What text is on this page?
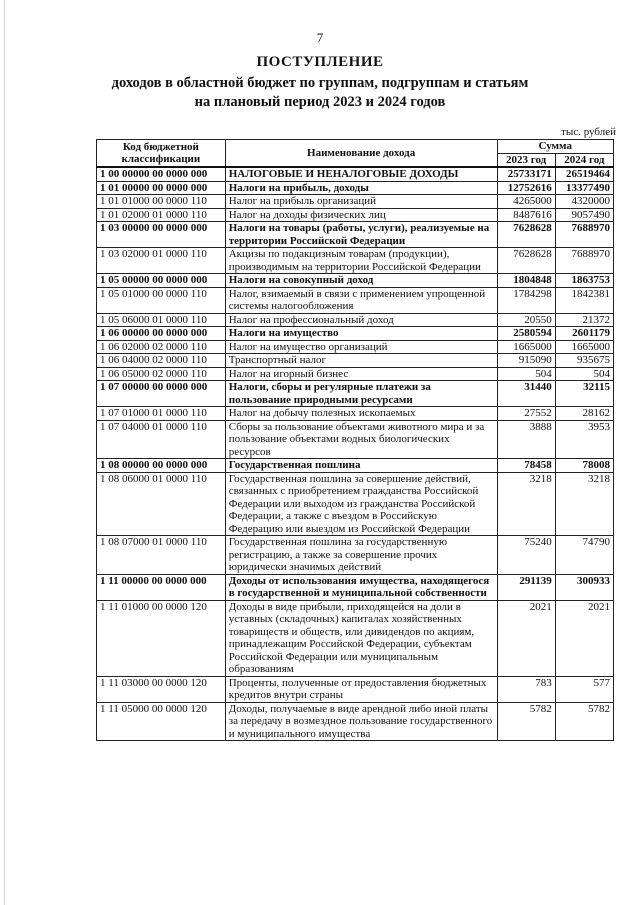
7
ПОСТУПЛЕНИЕ
доходов в областной бюджет по группам, подгруппам и статьям
на плановый период 2023 и 2024 годов
тыс. рублей
Код бюджетной классификации	Наименование дохода	Сумма	
		2023 год	2024 год
1 00 00000 00 0000 000	НАЛОГОВЫЕ И НЕНАЛОГОВЫЕ ДОХОДЫ	25733171	26519464
1 01 00000 00 0000 000	Налоги на прибыль, доходы	12752616	13377490
1 01 01000 00 0000 110	Налог на прибыль организаций	4265000	4320000
1 01 02000 01 0000 110	Налог на доходы физических лиц	8487616	9057490
1 03 00000 00 0000 000	Налоги на товары (работы, услуги), реализуемые на территории Российской Федерации	7628628	7688970
1 03 02000 01 0000 110	Акцизы по подакцизным товарам (продукции), производимым на территории Российской Федерации	7628628	7688970
1 05 00000 00 0000 000	Налоги на совокупный доход	1804848	1863753
1 05 01000 00 0000 110	Налог, взимаемый в связи с применением упрощенной системы налогообложения	1784298	1842381
1 05 06000 01 0000 110	Налог на профессиональный доход	20550	21372
1 06 00000 00 0000 000	Налоги на имущество	2580594	2601179
1 06 02000 02 0000 110	Налог на имущество организаций	1665000	1665000
1 06 04000 02 0000 110	Транспортный налог	915090	935675
1 06 05000 02 0000 110	Налог на игорный бизнес	504	504
1 07 00000 00 0000 000	Налоги, сборы и регулярные платежи за пользование природными ресурсами	31440	32115
1 07 01000 01 0000 110	Налог на добычу полезных ископаемых	27552	28162
1 07 04000 01 0000 110	Сборы за пользование объектами животного мира и за пользование объектами водных биологических ресурсов	3888	3953
1 08 00000 00 0000 000	Государственная пошлина	78458	78008
1 08 06000 01 0000 110	Государственная пошлина за совершение действий, связанных с приобретением гражданства Российской Федерации или выходом из гражданства Российской Федерации, а также с въездом в Российскую Федерацию или выездом из Российской Федерации	3218	3218
1 08 07000 01 0000 110	Государственная пошлина за государственную регистрацию, а также за совершение прочих юридически значимых действий	75240	74790
1 11 00000 00 0000 000	Доходы от использования имущества, находящегося в государственной и муниципальной собственности	291139	300933
1 11 01000 00 0000 120	Доходы в виде прибыли, приходящейся на доли в уставных (складочных) капиталах хозяйственных товариществ и обществ, или дивидендов по акциям, принадлежащим Российской Федерации, субъектам Российской Федерации или муниципальным образованиям	2021	2021
1 11 03000 00 0000 120	Проценты, полученные от предоставления бюджетных кредитов внутри страны	783	577
1 11 05000 00 0000 120	Доходы, получаемые в виде арендной либо иной платы за передачу в возмездное пользование государственного и муниципального имущества	5782	5782
